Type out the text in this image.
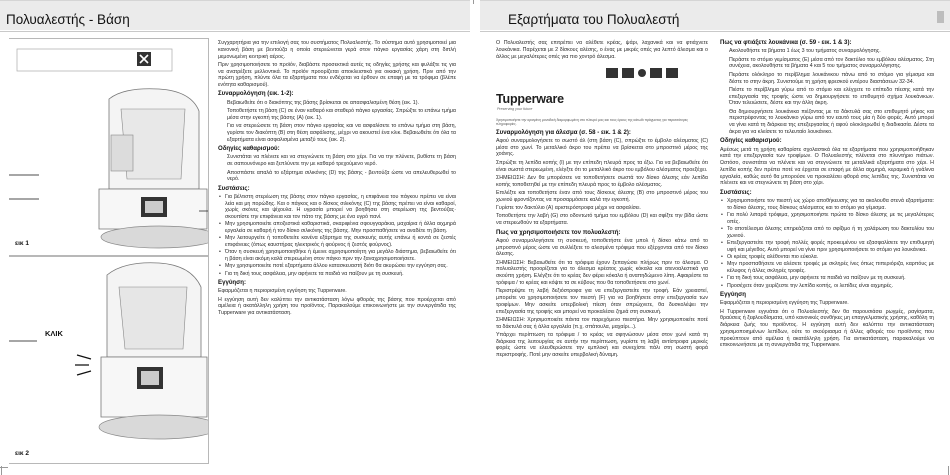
Πολυαλεστής - Βάση
εικ 1
ΚΛΙΚ
εικ 2

Συγχαρητήρια για την επιλογή σας του συστήματος Πολυαλεστής. Το σύστημα αυτό χρησιμοποιεί μια κανονική βάση με βεντούζα η οποία στερεώνεται γερά στον πάγκο εργασίας χάρη στη διπλή μεμονωμένη κεντρική αέρος.

Πριν χρησιμοποιήσετε το προϊόν, διαβάστε προσεκτικά αυτές τις οδηγίες χρήσης και φυλάξτε τις για να ανατρέξετε μελλοντικά. Το προϊόν προορίζεται αποκλειστικά για οικιακή χρήση. Πριν από την πρώτη χρήση, πλύντε όλα τα εξαρτήματα που ενδέχεται να έρθουν σε επαφή με τα τρόφιμα (βλέπε ενότητα καθαρισμού).

Συναρμολόγηση (εικ. 1-2):

Βεβαιωθείτε ότι ο διακόπτης της βάσης βρίσκεται σε απασφαλισμένη θέση (εικ. 1).

Τοποθετήστε τη βάση (C) σε έναν καθαρό και σταθερό πάγκο εργασίας. Σπρώξτε το επάνω τμήμα μέσα στην εγκοπή της βάσης (Α) (εικ. 1).

Για να στερεώσετε τη βάση στον πάγκο εργασίας και να ασφαλίσετε το επάνω τμήμα στη βάση, γυρίστε τον διακόπτη (Β) στη θέση ασφάλισης, μέχρι να ακουστεί ένα κλικ. Βεβαιωθείτε ότι όλα τα εξαρτήματα είναι ασφαλισμένα μεταξύ τους (εικ. 2).

Οδηγίες καθαρισμού:

Συνιστάται να πλένετε και να στεγνώνετε τη βάση στο χέρι. Για να την πλύνετε, βυθίστε τη βάση σε σαπουνόνερο και ξεπλύνετε την με καθαρό τρεχούμενο νερό.

Αποσπάστε απαλά το εξάρτημα σιλικόνης (D) της βάσης - βεντούζα ώστε να απελευθερωθεί το νερό.

Συστάσεις:
• Για βέλτιστη στερέωση της βάσης στον πάγκο εργασίας, η επιφάνεια του πάγκου πρέπει να είναι λεία και μη πορώδης. Και ο πάγκος και ο δίσκος σιλικόνης (C) της βάσης πρέπει να είναι καθαροί, χωρίς σκόνες και ψίχουλα. Η υγρασία μπορεί να βοηθήσει στη στερέωση της βεντούζας· σκουπίστε την επιφάνεια και τον πάτο της βάσης με ένα υγρό πανί.
• Μην χρησιμοποιείτε αποξεστικά καθαριστικά, σκαριφένια σφουγγαράκια, μαχαίρια ή άλλα αιχμηρά εργαλεία σε καθαρή ή τον δίσκο σιλικόνης της βάσης. Μην προσπαθήσετε να αναδέτε τη βάση.
• Μην λειτουργείτε ή τοποθετείτε κανένα εξάρτημα της συσκευής αυτής επάνω ή κοντά σε ζεστές επιφάνειες (όπως καυστήρας ηλεκτρικός ή φούρνος ή ζεστός φούρνος).
• Όταν η συσκευή χρησιμοποιηθήκε ή έμεινε αχρησιμοποίητη για μεγάλο διάστημα, βεβαιωθείτε ότι η βάση είναι ακόμη καλά στερεωμένη στον πάγκο πριν την ξαναχρησιμοποιήσετε.
• Μην χρησιμοποιείτε ποτέ εξαρτήματα άλλου κατασκευαστή διότι θα ακυρώσει την εγγύηση σας.
• Για τη δική τους ασφάλεια, μην αφήνετε τα παιδιά να παίζουν με τη συσκευή.
Εγγύηση:

Εφαρμόζεται η περιορισμένη εγγύηση της Tupperware.

Η εγγύηση αυτή δεν καλύπτει την αντικατάσταση λόγω φθοράς της βάσης που προέρχεται από αμέλεια ή ακατάλληλη χρήση του προϊόντος. Παρακαλούμε επικοινωνήστε με την συνεργάτιδα της Tupperware για αντικατάσταση.

Εξαρτήματα του Πολυαλεστή

Ο Πολυαλεστής σας επιτρέπει να αλέθετε κρέας, ψάρι, λαχανικά και να φτιάχνετε λουκάνικα. Παρέχεται με 2 δίσκους αλέσης, ο ένας με μικρές οπές για λεπτό άλεσμα και ο άλλος με μεγαλύτερες οπές για πιο χοντρό άλεσμα.

Tupperware
Preserving your future
Χρησιμοποιήστε την ορισμένη μοναδική διαμορφωμένη στο πλευρό μας και τους όρους της κάτωθι πράγματος για περισσότερες πληροφορίες.
Συναρμολόγηση για άλεσμα (σ. 58 - εικ. 1 & 2):

Αφού συναρμολογήσετε το σωστό άλ (στη βάση (C), σπρώξτε το έμβολο αλέσματος (C) μέσα στο χωνί. Το μεταλλικό άκρο του πρέπει να βρίσκεται στο μπροστινό μέρος της χοάνης.

Σπρώξτε τη λεπίδα κοπής (I) με την επίπεδη πλευρά προς τα έξω. Για να βεβαιωθείτε ότι είναι σωστά στερεωμένη, ελέγξτε ότι το μεταλλικό άκρο του εμβόλου αλέσματος προεξέχει.

ΣΗΜΕΙΩΣΗ: Δεν θα μπορέσετε να τοποθετήσετε σωστά τον δίσκο άλεσης εάν λεπίδα κοπής τοποθετηθεί με την επίπεδη πλευρά προς το έμβολο αλέσματος.

Επιλέξτε και τοποθετήστε έναν από τους δίσκους άλεσης (Β) στο μπροστινό μέρος του χωνιού φροντίζοντας να προσαρμόσετε καλά την εγκοπή.

Γυρίστε τον δακτύλιο (Α) αριστερόστροφα μέχρι να ασφαλίσει.

Τοποθετήστε την λαβή (G) στο οδοντωτό τμήμα του εμβόλου (D) και σφίξτε την βίδα ώστε να στερεωθούν τα εξαρτήματα.

Πως να χρησιμοποιήσετε τον πολυαλεστή:

Αφού συναρμολογήσετε τη συσκευή, τοποθετήστε ένα μπολ ή δίσκο κάτω από το μπροστινό μέρος ώστε να συλλέξετε το αλεσμένα τρόφιμα που εξέρχονται από τον δίσκο άλεσης.

ΣΗΜΕΙΩΣΗ: Βεβαιωθείτε ότι τα τρόφιμα έχουν ξεπαγώσει πλήρως πριν το άλεσμα. Ο πολυαλεστής προορίζεται για το άλεσμα κρέατος χωρίς κόκαλα και ατενοαλεστικά για σκούπη χρήση. Ελέγξτε ότι το κρέας δεν φέρει κόκαλα ή αναπηδώμενο λίπη. Αφαιρέστε τα τρόφιμα / το κρέας και κόψτε τα σε κύβους που θα τοποθετήσετε στο χωνί.

Περιστρέψτε τη λαβή δεξιόστροφα για να επεξεργαστείτε την τροφή. Εάν χρειαστεί, μπορείτε να χρησιμοποιήσετε τον πιεστή (F) για να βοηθήσετε στην επεξεργασία των τροφίμων. Μην ασκείτε υπερβολική πίεση όταν σπρώχνετε, θα δυσκολέψει την επεξεργασία της τροφής και μπορεί να προκαλέσει ζημιά στη συσκευή.

ΣΗΜΕΙΩΣΗ: Χρησιμοποιείτε πάντα τον παρεχόμενο πιεστήρα. Μην χρησιμοποιείτε ποτέ τα δάκτυλά σας ή άλλα εργαλεία (π.χ. σπάτουλα, μαχαίρι...).

Υπάρχει περίπτωση τα τρόφιμα / το κρέας να σφηνώσουν μέσα στον χωνί κατά τη διάρκεια της λειτουργίας σε αυτήν την περίπτωση, γυρίστε τη λαβή αντίστροφα μερικές φορές ώστε να ελευθερώσετε την εμπλοκή και συνεχίστε πάλι στη σωστή φορά περιστροφής. Ποτέ μην ασκείτε υπερβολική δύναμη.

Πως να φτιάξετε λουκάνικα (σ. 59 - εικ. 1 & 3):

Ακολουθήστε τα βήματα 1 έως 3 του τμήματος συναρμολόγησης.

Περάστε το στόμιο γεμίσματος (Ε) μέσα από τον δακτύλιο του εμβόλου αλέσματος. Στη συνέχεια, ακολουθήστε τα βήματα 4 και 5 του τμήματος συναρμολόγησης.

Περάστε ολόκληρο το περίβλημα λουκάνικου πάνω από το στόμιο για γέμισμα και δέστε το στην άκρη. Συνιστούμε τη χρήση φρεσκού εντέρου διαστάσεων 32-34.

Πιέστε το περίβλημα γύρω από το στόμιο και ελέγχετε το επίπεδο πίεσης κατά την επεξεργασία της τροφής ώστε να δημιουργήσετε το επιθυμητό σχήμα λουκάνικων. Όταν τελειώσετε, δέστε και την άλλη άκρη.

Θα δημιουργήσετε λουκάνικα πιέζοντας με τα δάκτυλά σας στο επιθυμητό μήκος και περιστρέφοντας το λουκάνικο γύρω από τον εαυτό τους μία ή δύο φορές. Αυτό μπορεί να γίνει κατά τη διάρκεια της επεξεργασίας ή αφού ολοκληρωθεί η διαδικασία. Δέστε τα άκρα για να κλείσετε το τελευταίο λουκάνικο.

Οδηγίες καθαρισμού:

Αμέσως μετά τη χρήση καθαρίστε σχολαστικά όλα τα εξαρτήματα που χρησιμοποιήθηκαν κατά την επεξεργασία των τροφίμων. Ο Πολυαλεστής πλένεται στο πλυντήριο πιάτων. Ωστόσο, συνιστάται να πλένετε και να στεγνώνετε τα μεταλλικά εξαρτήματα στο χέρι. Η λεπίδα κοπής δεν πρέπει ποτέ να έρχεται σε επαφή με άλλα αιχμηρά, κεραμικά ή γυάλινα εργαλεία, καθώς αυτό θα μπορούσε να προκαλέσει φθορά στις λεπίδες της. Συνιστάται να πλένετε και να στεγνώνετε τη βάση στο χέρι.

Συστάσεις:
• Χρησιμοποιήστε τον πιεστή ως χώρο αποθήκευσης για τα ακολουθα στενά εξαρτήματα: το δίσκο άλεσης, τους δίσκους αλέσματος και το στόμιο για γέμισμα.
• Για πολύ λιπαρά τρόφιμα, χρησιμοποιήστε πρώτα το δίσκο άλεσης με τις μεγαλύτερες οπές.
• Το αποτέλεσμα άλεσης επηρεάζεται από το σφίξιμο ή τη χαλάρωση του δακτυλίου του χωνιού.
• Επεξεργαστείτε την τροφή πολλές φορές προκειμένου να εξασφαλίσετε την επιθυμητή υφή και μέγεθος. Αυτό μπορεί να γίνει πριν χρησιμοποιήσετε το στόμιο για λουκάνικα.
• Οι κρέας τροφές αλέθονται πιο εύκολα.
• Μην προσπαθήσετε να αλέσετε τροφές με σκληρές ίνες όπως πιπεριόριζα, καρπόυς με κέλυφος ή άλλες σκληρές τροφές.
• Για τη δική τους ασφάλεια, μην αφήνετε τα παιδιά να παίζουν με τη συσκευή.
• Προσέχετε όταν χειρίζεστε την λεπίδα κοπής, οι λεπίδες είναι αιχμηρές.
Εγγύηση

Εφαρμόζεται η περιορισμένη εγγύηση της Tupperware.

Η Tupperware εγγυάται ότι ο Πολυαλεστής δεν θα παρουσιάσει ρωγμές, ραγίσματα, θραύσεις ή ξεφλουδίσματα, υπό κανονικές συνθήκες μη επαγγελματικής χρήσης, καθόλη τη διάρκεια ζωής του προϊόντος. Η εγγύηση αυτή δεν καλύπτει την αντικατάσταση χρησιμοποιημένων λεπίδων, ούτε το σκούριασμα ή άλλες φθορές του προϊόντος που προκύπτουν από αμέλεια ή ακατάλληλη χρήση. Για αντικατάσταση, παρακαλούμε να επικοινωνήσετε με τη συνεργάτιδα της Tupperware.
